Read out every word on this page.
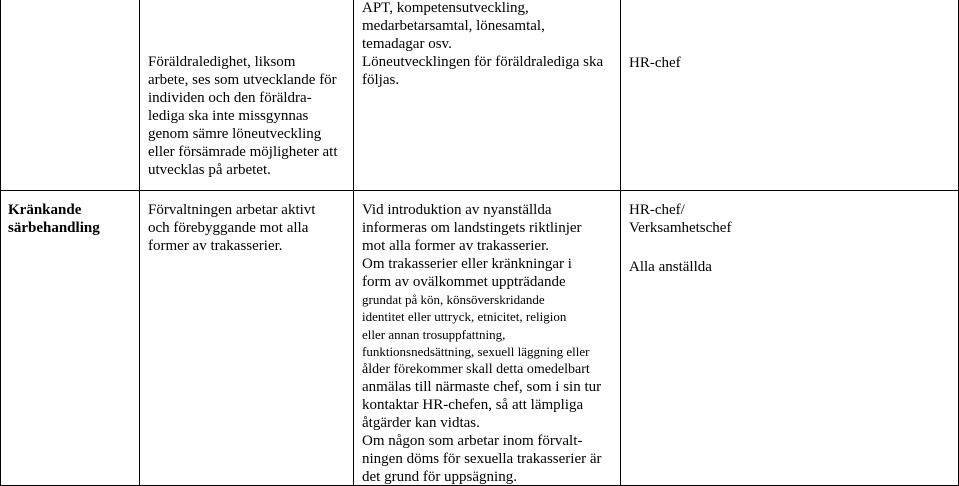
Föräldraledighet, liksom
arbete, ses som utvecklande för
individen och den föräldra-
lediga ska inte missgynnas
genom sämre löneutveckling
eller försämrade möjligheter att
utvecklas på arbetet.
APT, kompetensutveckling,
medarbetarsamtal, lönesamtal,
temadagar osv.
Löneutvecklingen för föräldralediga ska
följas.
HR-chef
Kränkande
särbehandling
Förvaltningen arbetar aktivt
och förebyggande mot alla
former av trakasserier.
Vid introduktion av nyanställda
informeras om landstingets riktlinjer
mot alla former av trakasserier.
Om trakasserier eller kränkningar i
form av ovälkommet uppträdande
grundat på kön, könsöverskridande
identitet eller uttryck, etnicitet, religion
eller annan trosuppfattning,
funktionsnedsättning, sexuell läggning eller
ålder förekommer skall detta omedelbart
anmälas till närmaste chef, som i sin tur
kontaktar HR-chefen, så att lämpliga
åtgärder kan vidtas.
Om någon som arbetar inom förvalt-
ningen döms för sexuella trakasserier är
det grund för uppsägning.
HR-chef/
Verksamhetschef
Alla anställda
